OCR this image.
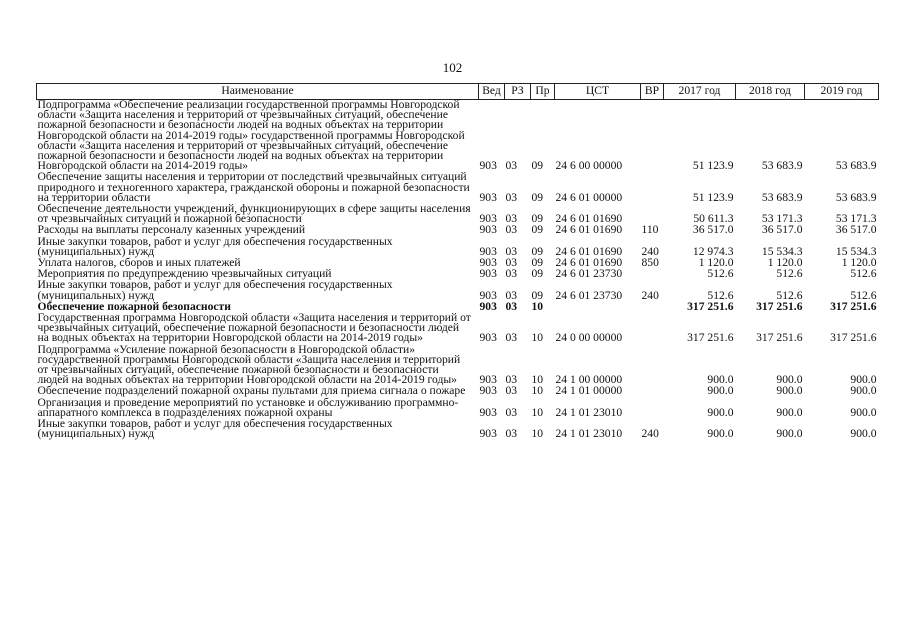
102
Наименование	Вед	РЗ	Пр	ЦСТ	ВР	2017 год	2018 год	2019 год
Подпрограмма «Обеспечение реализации государственной программы Новгородской области «Защита населения и территорий от чрезвычайных ситуаций, обеспечение пожарной безопасности и безопасности людей на водных объектах на территории Новгородской области на 2014-2019 годы» государственной программы Новгородской области «Защита населения и территорий от чрезвычайных ситуаций, обеспечение пожарной безопасности и безопасности людей на водных объектах на территории Новгородской области на 2014-2019 годы»	903	03	09	24 6 00 00000		51 123.9	53 683.9	53 683.9
Обеспечение защиты населения и территории от последствий чрезвычайных ситуаций природного и техногенного характера, гражданской обороны и пожарной безопасности на территории области	903	03	09	24 6 01 00000		51 123.9	53 683.9	53 683.9
Обеспечение деятельности учреждений, функционирующих в сфере защиты населения от чрезвычайных ситуаций и пожарной безопасности	903	03	09	24 6 01 01690		50 611.3	53 171.3	53 171.3
Расходы на выплаты персоналу казенных учреждений	903	03	09	24 6 01 01690	110	36 517.0	36 517.0	36 517.0
Иные закупки товаров, работ и услуг для обеспечения государственных (муниципальных) нужд	903	03	09	24 6 01 01690	240	12 974.3	15 534.3	15 534.3
Уплата налогов, сборов и иных платежей	903	03	09	24 6 01 01690	850	1 120.0	1 120.0	1 120.0
Мероприятия по предупреждению чрезвычайных ситуаций	903	03	09	24 6 01 23730		512.6	512.6	512.6
Иные закупки товаров, работ и услуг для обеспечения государственных (муниципальных) нужд	903	03	09	24 6 01 23730	240	512.6	512.6	512.6
Обеспечение пожарной безопасности	903	03	10			317 251.6	317 251.6	317 251.6
Государственная программа Новгородской области «Защита населения и территорий от чрезвычайных ситуаций, обеспечение пожарной безопасности и безопасности людей на водных объектах на территории Новгородской области на 2014-2019 годы»	903	03	10	24 0 00 00000		317 251.6	317 251.6	317 251.6
Подпрограмма «Усиление пожарной безопасности в Новгородской области» государственной программы Новгородской области «Защита населения и территорий от чрезвычайных ситуаций, обеспечение пожарной безопасности и безопасности людей на водных объектах на территории Новгородской области на 2014-2019 годы»	903	03	10	24 1 00 00000		900.0	900.0	900.0
Обеспечение подразделений пожарной охраны пультами для приема сигнала о пожаре	903	03	10	24 1 01 00000		900.0	900.0	900.0
Организация и проведение мероприятий по установке и обслуживанию программно-аппаратного комплекса в подразделениях пожарной охраны	903	03	10	24 1 01 23010		900.0	900.0	900.0
Иные закупки товаров, работ и услуг для обеспечения государственных (муниципальных) нужд	903	03	10	24 1 01 23010	240	900.0	900.0	900.0
